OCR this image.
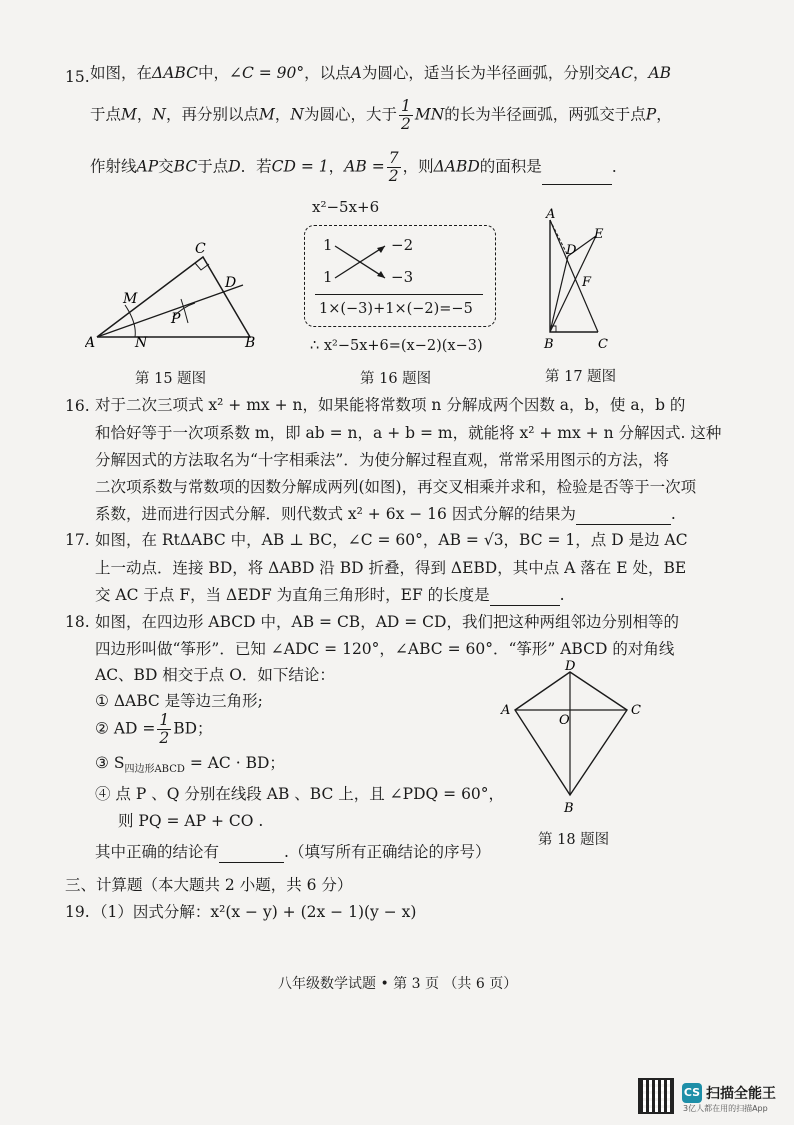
15. 如图，在ΔABC中，∠C = 90°，以点A为圆心，适当长为半径画弧，分别交AC，AB
于点M，N，再分别以点M，N为圆心，大于 $\frac{1}{2}$ MN的长为半径画弧，两弧交于点P，
作射线AP交BC于点D．若CD = 1，AB = $\frac{7}{2}$ ，则ΔABD的面积是	．
A	B
C
D
M
N
P
第 15 题图
x²−5x+6
1	−2
1	−3
1×(−3)+1×(−2)=−5
∴ x²−5x+6=(x−2)(x−3)
第 16 题图
A
B	C
D
E
F
第 17 题图
16. 对于二次三项式 x² + mx + n，如果能将常数项 n 分解成两个因数 a，b，使 a，b 的
和恰好等于一次项系数 m，即 ab = n，a + b = m，就能将 x² + mx + n 分解因式. 这种
分解因式的方法取名为“十字相乘法”．为使分解过程直观，常常采用图示的方法，将
二次项系数与常数项的因数分解成两列(如图)，再交叉相乘并求和，检验是否等于一次项
系数，进而进行因式分解．则代数式 x² + 6x − 16 因式分解的结果为	.
17. 如图，在 RtΔABC 中，AB ⊥ BC，∠C = 60°，AB = √3，BC = 1，点 D 是边 AC
上一动点．连接 BD，将 ΔABD 沿 BD 折叠，得到 ΔEBD，其中点 A 落在 E 处，BE
交 AC 于点 F，当 ΔEDF 为直角三角形时，EF 的长度是	.
18. 如图，在四边形 ABCD 中，AB = CB，AD = CD，我们把这种两组邻边分别相等的
四边形叫做“筝形”．已知 ∠ADC = 120°，∠ABC = 60°．“筝形” ABCD 的对角线
AC、BD 相交于点 O．如下结论：
① ΔABC 是等边三角形;
② AD = $\frac{1}{2}$ BD；
③ $S_{四边形ABCD}$ = AC · BD；
④ 点 P 、Q 分别在线段 AB 、BC 上，且 ∠PDQ = 60°，
则 PQ = AP + CO .
其中正确的结论有	.（填写所有正确结论的序号）
D
A	C
O
B
第 18 题图
三、计算题（本大题共 2 小题，共 6 分）
19. （1）因式分解：x²(x − y) + (2x − 1)(y − x)
八年级数学试题 • 第 3 页 （共 6 页）
CS 扫描全能王
3亿人都在用的扫描App
